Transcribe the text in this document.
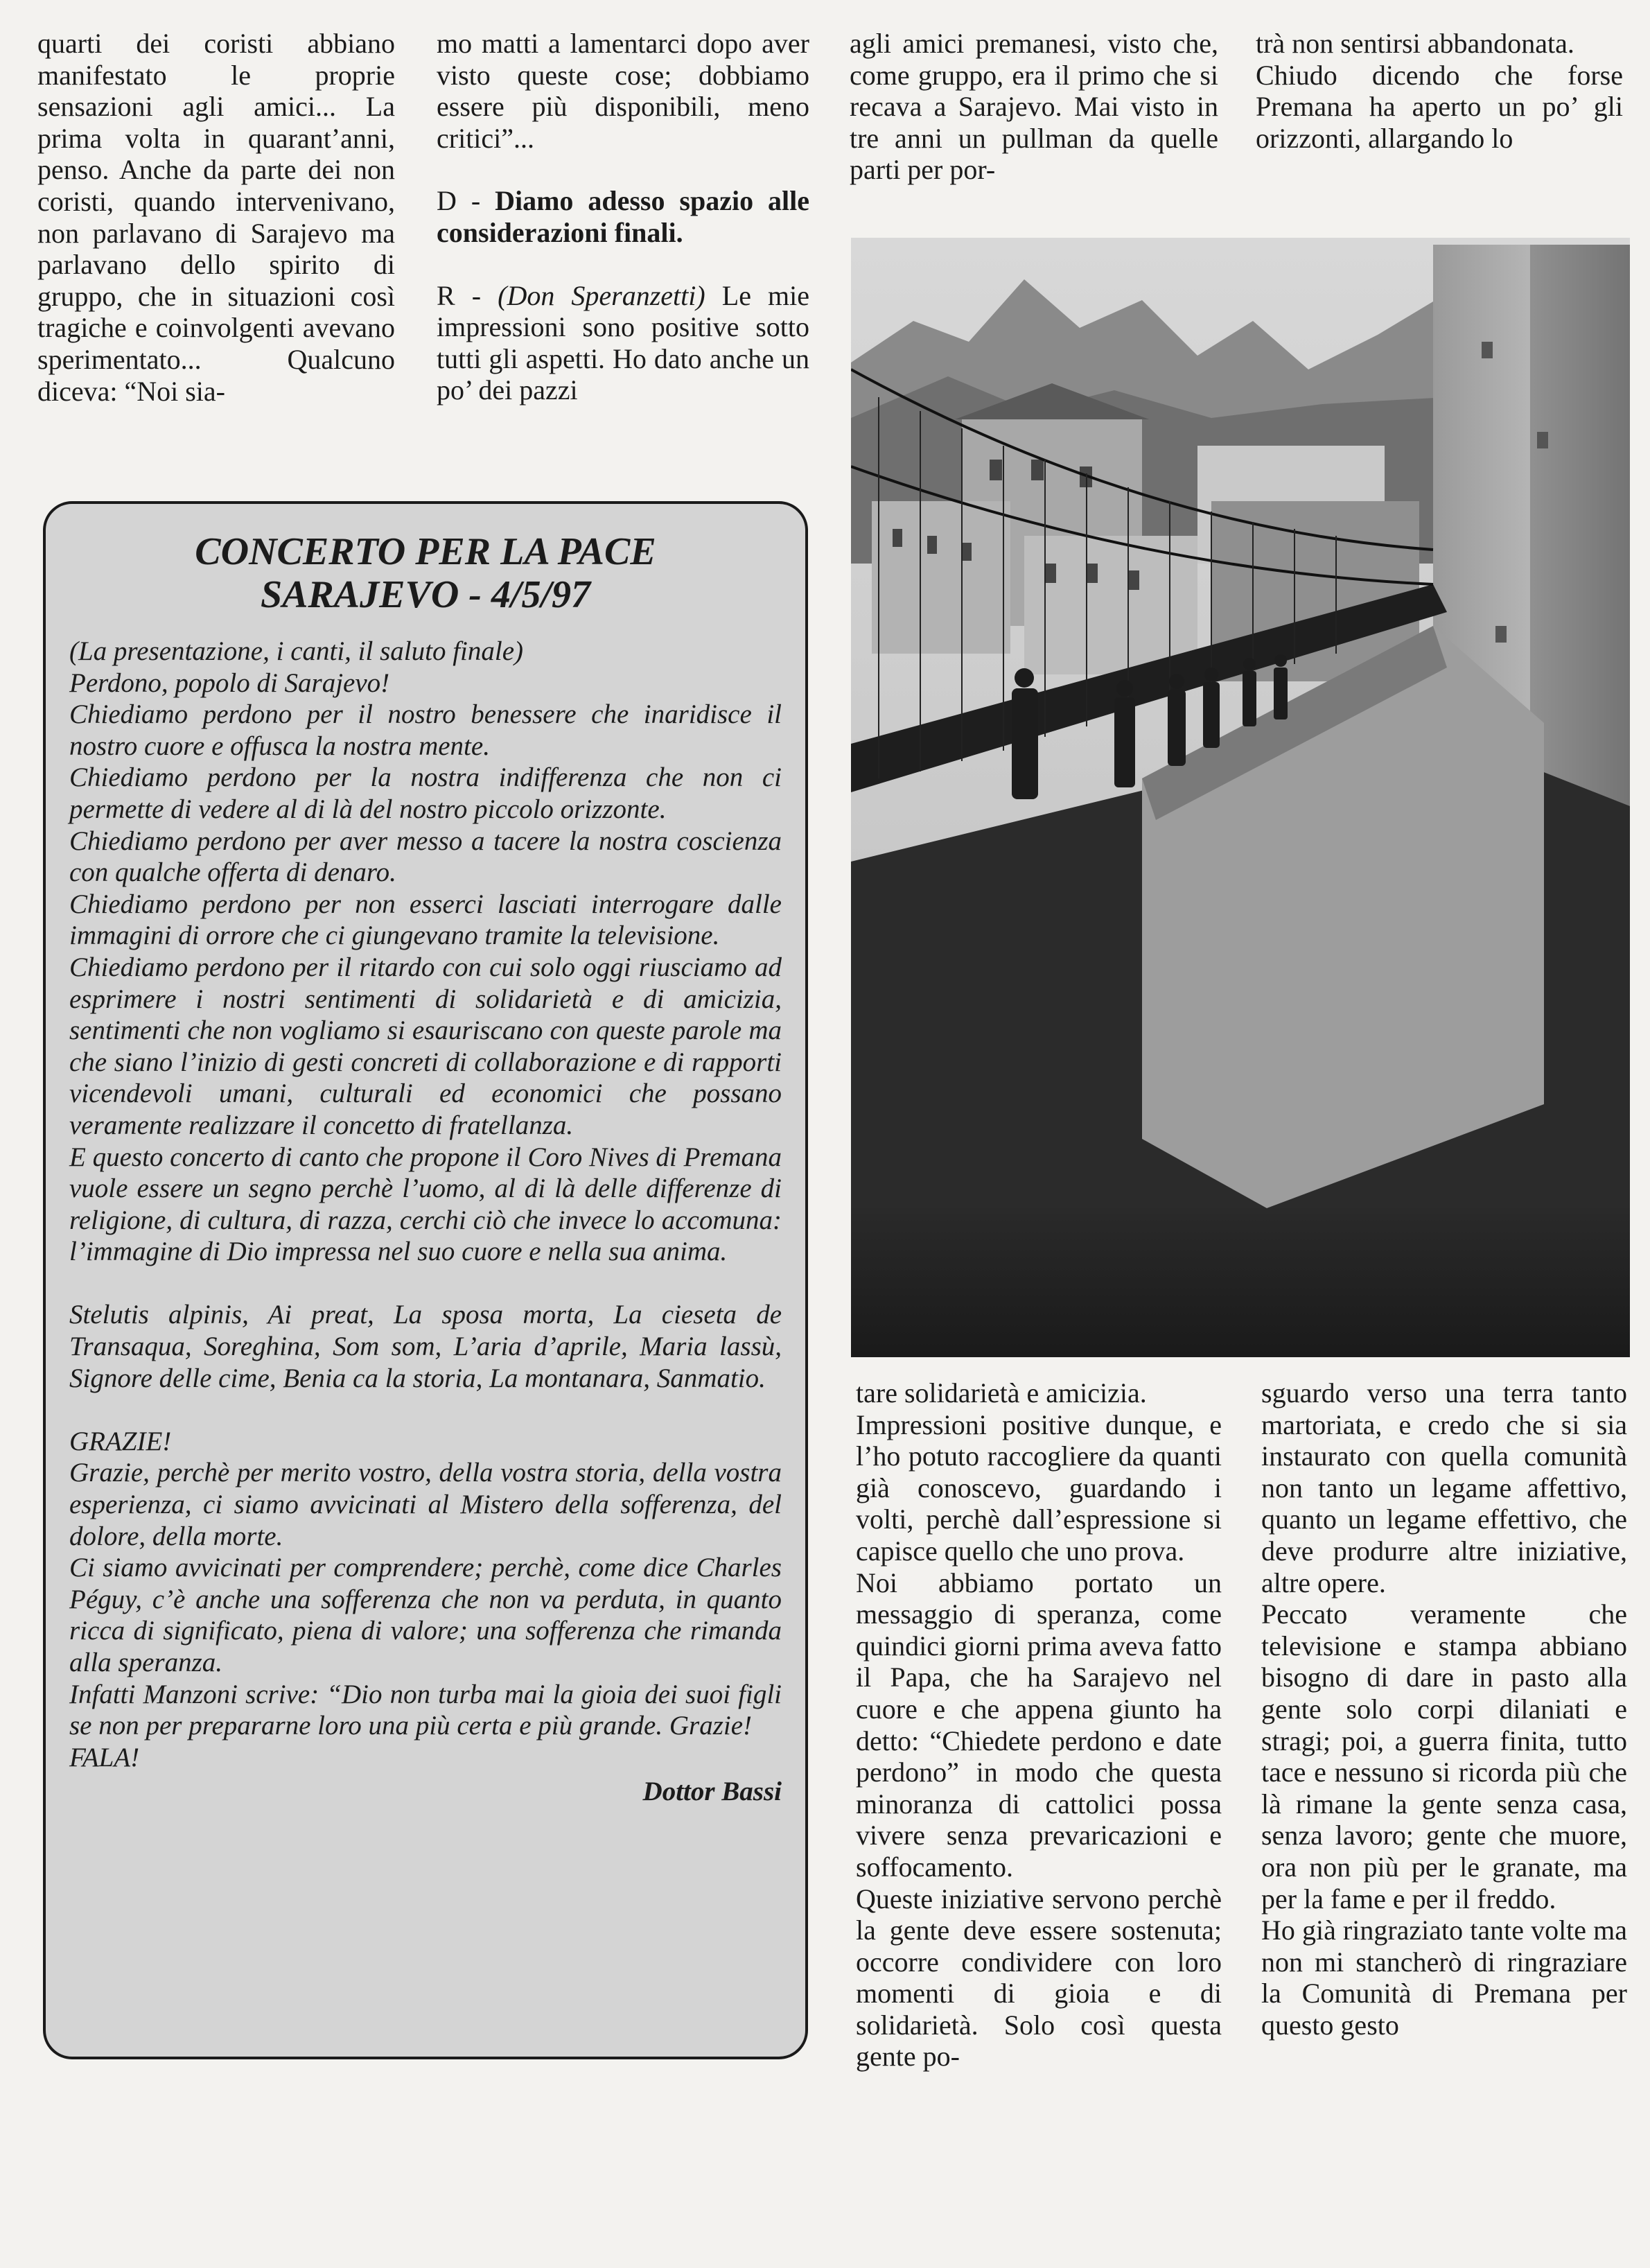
quarti dei coristi abbiano manifestato le proprie sensazioni agli amici... La prima volta in quarant’anni, penso. Anche da parte dei non coristi, quando intervenivano, non parlavano di Sarajevo ma parlavano dello spirito di gruppo, che in situazioni così tragiche e coinvolgenti avevano sperimentato... Qualcuno diceva: “Noi sia-

mo matti a lamentarci dopo aver visto queste cose; dobbiamo essere più disponibili, meno critici”...

D - Diamo adesso spazio alle considerazioni finali.

R - (Don Speranzetti) Le mie impressioni sono positive sotto tutti gli aspetti. Ho dato anche un po’ dei pazzi

agli amici premanesi, visto che, come gruppo, era il primo che si recava a Sarajevo. Mai visto in tre anni un pullman da quelle parti per por-

trà non sentirsi abbandonata.

Chiudo dicendo che forse Premana ha aperto un po’ gli orizzonti, allargando lo

CONCERTO PER LA PACE
SARAJEVO - 4/5/97

(La presentazione, i canti, il saluto finale)

Perdono, popolo di Sarajevo!

Chiediamo perdono per il nostro benessere che inaridisce il nostro cuore e offusca la nostra mente.

Chiediamo perdono per la nostra indifferenza che non ci permette di vedere al di là del nostro piccolo orizzonte.

Chiediamo perdono per aver messo a tacere la nostra coscienza con qualche offerta di denaro.

Chiediamo perdono per non esserci lasciati interrogare dalle immagini di orrore che ci giungevano tramite la televisione.

Chiediamo perdono per il ritardo con cui solo oggi riusciamo ad esprimere i nostri sentimenti di solidarietà e di amicizia, sentimenti che non vogliamo si esauriscano con queste parole ma che siano l’inizio di gesti concreti di collaborazione e di rapporti vicendevoli umani, culturali ed economici che possano veramente realizzare il concetto di fratellanza.

E questo concerto di canto che propone il Coro Nives di Premana vuole essere un segno perchè l’uomo, al di là delle differenze di religione, di cultura, di razza, cerchi ciò che invece lo accomuna: l’immagine di Dio impressa nel suo cuore e nella sua anima.

Stelutis alpinis, Ai preat, La sposa morta, La cieseta de Transaqua, Soreghina, Som som, L’aria d’aprile, Maria lassù, Signore delle cime, Benia ca la storia, La montanara, Sanmatio.

GRAZIE!

Grazie, perchè per merito vostro, della vostra storia, della vostra esperienza, ci siamo avvicinati al Mistero della sofferenza, del dolore, della morte.

Ci siamo avvicinati per comprendere; perchè, come dice Charles Péguy, c’è anche una sofferenza che non va perduta, in quanto ricca di significato, piena di valore; una sofferenza che rimanda alla speranza.

Infatti Manzoni scrive: “Dio non turba mai la gioia dei suoi figli se non per prepararne loro una più certa e più grande. Grazie!

FALA!

Dottor Bassi

tare solidarietà e amicizia.

Impressioni positive dunque, e l’ho potuto raccogliere da quanti già conoscevo, guardando i volti, perchè dall’espressione si capisce quello che uno prova.

Noi abbiamo portato un messaggio di speranza, come quindici giorni prima aveva fatto il Papa, che ha Sarajevo nel cuore e che appena giunto ha detto: “Chiedete perdono e date perdono” in modo che questa minoranza di cattolici possa vivere senza prevaricazioni e soffocamento.

Queste iniziative servono perchè la gente deve essere sostenuta; occorre condividere con loro momenti di gioia e di solidarietà. Solo così questa gente po-

sguardo verso una terra tanto martoriata, e credo che si sia instaurato con quella comunità non tanto un legame affettivo, quanto un legame effettivo, che deve produrre altre iniziative, altre opere.

Peccato veramente che televisione e stampa abbiano bisogno di dare in pasto alla gente solo corpi dilaniati e stragi; poi, a guerra finita, tutto tace e nessuno si ricorda più che là rimane la gente senza casa, senza lavoro; gente che muore, ora non più per le granate, ma per la fame e per il freddo.

Ho già ringraziato tante volte ma non mi stancherò di ringraziare la Comunità di Premana per questo gesto
